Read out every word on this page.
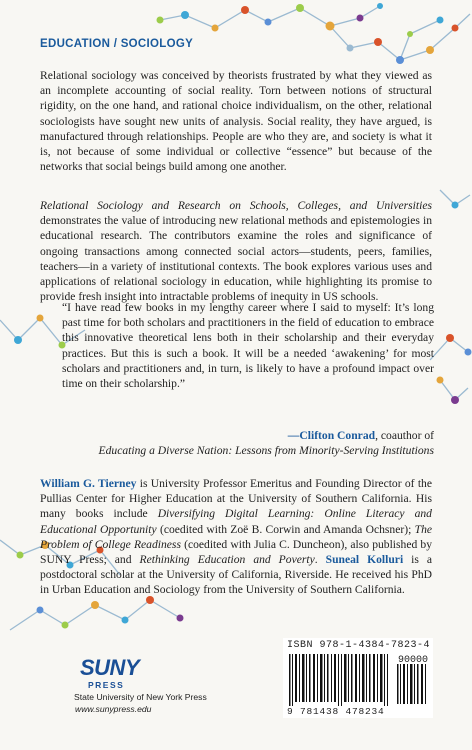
EDUCATION / SOCIOLOGY

Relational sociology was conceived by theorists frustrated by what they viewed as an incomplete accounting of social reality. Torn between notions of structural rigidity, on the one hand, and rational choice individualism, on the other, relational sociologists have sought new units of analysis. Social reality, they have argued, is manufactured through relationships. People are who they are, and society is what it is, not because of some individual or collective “essence” but because of the networks that social beings build among one another.

Relational Sociology and Research on Schools, Colleges, and Universities demonstrates the value of introducing new relational methods and epistemologies in educational research. The contributors examine the roles and significance of ongoing transactions among connected social actors—students, peers, families, teachers—in a variety of institutional contexts. The book explores various uses and applications of relational sociology in education, while highlighting its promise to provide fresh insight into intractable problems of inequity in US schools.

“I have read few books in my lengthy career where I said to myself: It’s long past time for both scholars and practitioners in the field of education to embrace this innovative theoretical lens both in their scholarship and their everyday practices. But this is such a book. It will be a needed ‘awakening’ for most scholars and practitioners and, in turn, is likely to have a profound impact over time on their scholarship.”

—Clifton Conrad, coauthor of
Educating a Diverse Nation: Lessons from Minority-Serving Institutions

William G. Tierney is University Professor Emeritus and Founding Director of the Pullias Center for Higher Education at the University of Southern California. His many books include Diversifying Digital Learning: Online Literacy and Educational Opportunity (coedited with Zoë B. Corwin and Amanda Ochsner); The Problem of College Readiness (coedited with Julia C. Duncheon), also published by SUNY Press; and Rethinking Education and Poverty. Suneal Kolluri is a postdoctoral scholar at the University of California, Riverside. He received his PhD in Urban Education and Sociology from the University of Southern California.

SUNY
PRESS
State University of New York Press
www.sunypress.edu
ISBN 978-1-4384-7823-4
90000
9 781438 478234
